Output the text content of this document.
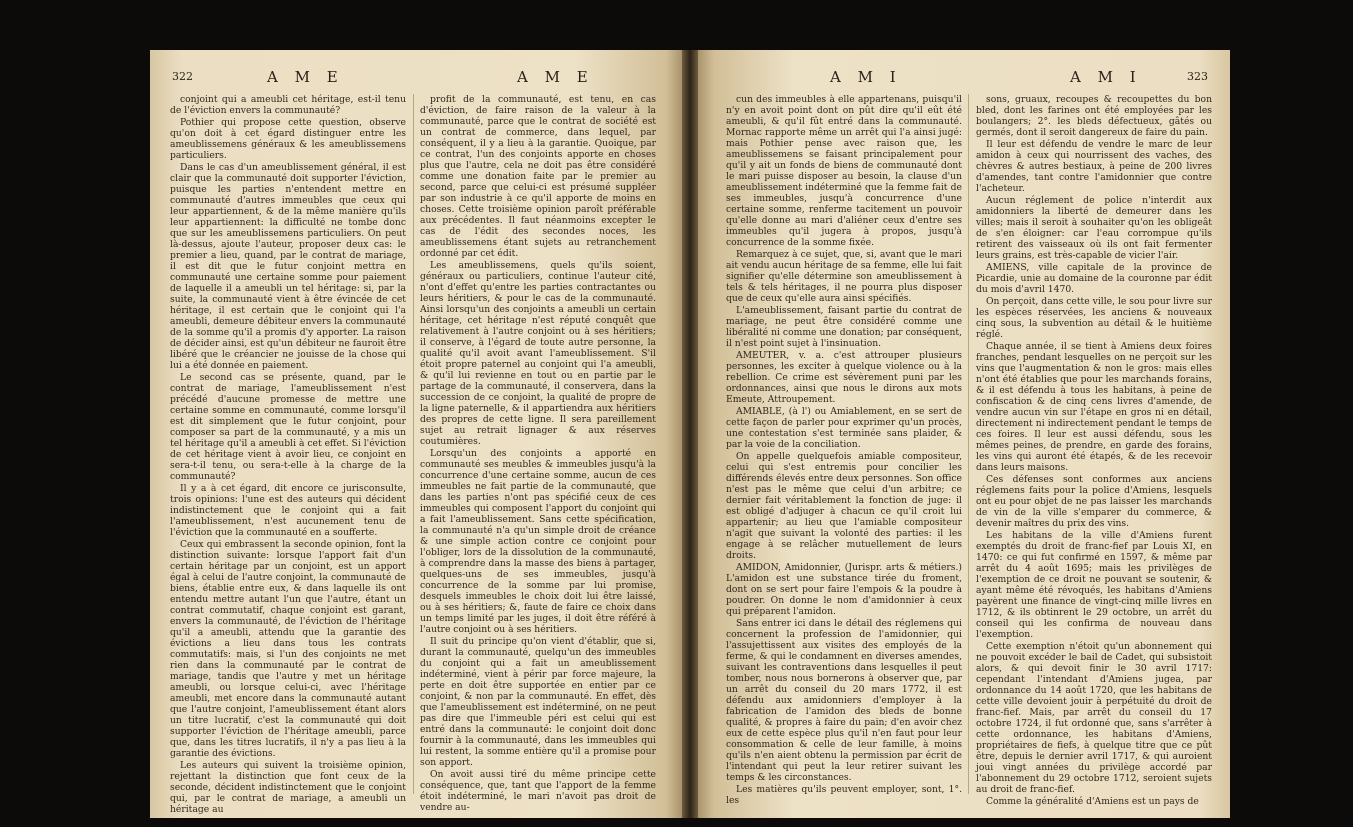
322	A M E	A M E

conjoint qui a ameubli cet héritage, est-il tenu de l'éviction envers la communauté?

Pothier qui propose cette question, observe qu'on doit à cet égard distinguer entre les ameublissemens généraux & les ameublissemens particuliers.

Dans le cas d'un ameublissement général, il est clair que la communauté doit supporter l'éviction, puisque les parties n'entendent mettre en communauté d'autres immeubles que ceux qui leur appartiennent, & de la même manière qu'ils leur appartiennent: la difficulté ne tombe donc que sur les ameublissemens particuliers. On peut là-dessus, ajoute l'auteur, proposer deux cas: le premier a lieu, quand, par le contrat de mariage, il est dit que le futur conjoint mettra en communauté une certaine somme pour paiement de laquelle il a ameubli un tel héritage: si, par la suite, la communauté vient à être évincée de cet héritage, il est certain que le conjoint qui l'a ameubli, demeure débiteur envers la communauté de la somme qu'il a promis d'y apporter. La raison de décider ainsi, est qu'un débiteur ne fauroit être libéré que le créancier ne jouisse de la chose qui lui a été donnée en paiement.

Le second cas se présente, quand, par le contrat de mariage, l'ameublissement n'est précédé d'aucune promesse de mettre une certaine somme en communauté, comme lorsqu'il est dit simplement que le futur conjoint, pour composer sa part de la communauté, y a mis un tel héritage qu'il a ameubli à cet effet. Si l'éviction de cet héritage vient à avoir lieu, ce conjoint en sera-t-il tenu, ou sera-t-elle à la charge de la communauté?

Il y a à cet égard, dit encore ce jurisconsulte, trois opinions: l'une est des auteurs qui décident indistinctement que le conjoint qui a fait l'ameublissement, n'est aucunement tenu de l'éviction que la communauté en a soufferte.

Ceux qui embrassent la seconde opinion, font la distinction suivante: lorsque l'apport fait d'un certain héritage par un conjoint, est un apport égal à celui de l'autre conjoint, la communauté de biens, établie entre eux, & dans laquelle ils ont entendu mettre autant l'un que l'autre, étant un contrat commutatif, chaque conjoint est garant, envers la communauté, de l'éviction de l'héritage qu'il a ameubli, attendu que la garantie des évictions a lieu dans tous les contrats commutatifs: mais, si l'un des conjoints ne met rien dans la communauté par le contrat de mariage, tandis que l'autre y met un héritage ameubli, ou lorsque celui-ci, avec l'héritage ameubli, met encore dans la communauté autant que l'autre conjoint, l'ameublissement étant alors un titre lucratif, c'est la communauté qui doit supporter l'éviction de l'héritage ameubli, parce que, dans les titres lucratifs, il n'y a pas lieu à la garantie des évictions.

Les auteurs qui suivent la troisième opinion, rejettant la distinction que font ceux de la seconde, décident indistinctement que le conjoint qui, par le contrat de mariage, a ameubli un héritage au

profit de la communauté, est tenu, en cas d'éviction, de faire raison de la valeur à la communauté, parce que le contrat de société est un contrat de commerce, dans lequel, par conséquent, il y a lieu à la garantie. Quoique, par ce contrat, l'un des conjoints apporte en choses plus que l'autre, cela ne doit pas être considéré comme une donation faite par le premier au second, parce que celui-ci est présumé suppléer par son industrie à ce qu'il apporte de moins en choses. Cette troisième opinion paroît préférable aux précédentes. Il faut néanmoins excepter le cas de l'édit des secondes noces, les ameublissemens étant sujets au retranchement ordonné par cet édit.

Les ameublissemens, quels qu'ils soient, généraux ou particuliers, continue l'auteur cité, n'ont d'effet qu'entre les parties contractantes ou leurs héritiers, & pour le cas de la communauté. Ainsi lorsqu'un des conjoints a ameubli un certain héritage, cet héritage n'est réputé conquêt que relativement à l'autre conjoint ou à ses héritiers; il conserve, à l'égard de toute autre personne, la qualité qu'il avoit avant l'ameublissement. S'il étoit propre paternel au conjoint qui l'a ameubli, & qu'il lui revienne en tout ou en partie par le partage de la communauté, il conservera, dans la succession de ce conjoint, la qualité de propre de la ligne paternelle, & il appartiendra aux héritiers des propres de cette ligne. Il sera pareillement sujet au retrait lignager & aux réserves coutumières.

Lorsqu'un des conjoints a apporté en communauté ses meubles & immeubles jusqu'à la concurrence d'une certaine somme, aucun de ces immeubles ne fait partie de la communauté, que dans les parties n'ont pas spécifié ceux de ces immeubles qui composent l'apport du conjoint qui a fait l'ameublissement. Sans cette spécification, la communauté n'a qu'un simple droit de créance & une simple action contre ce conjoint pour l'obliger, lors de la dissolution de la communauté, à comprendre dans la masse des biens à partager, quelques-uns de ses immeubles, jusqu'à concurrence de la somme par lui promise, desquels immeubles le choix doit lui être laissé, ou à ses héritiers; &, faute de faire ce choix dans un temps limité par les juges, il doit être référé à l'autre conjoint ou à ses héritiers.

Il suit du principe qu'on vient d'établir, que si, durant la communauté, quelqu'un des immeubles du conjoint qui a fait un ameublissement indéterminé, vient à périr par force majeure, la perte en doit être supportée en entier par ce conjoint, & non par la communauté. En effet, dès que l'ameublissement est indéterminé, on ne peut pas dire que l'immeuble péri est celui qui est entré dans la communauté: le conjoint doit donc fournir à la communauté, dans les immeubles qui lui restent, la somme entière qu'il a promise pour son apport.

On avoit aussi tiré du même principe cette conséquence, que, tant que l'apport de la femme étoit indéterminé, le mari n'avoit pas droit de vendre au-

A M I	A M I	323

cun des immeubles à elle appartenans, puisqu'il n'y en avoit point dont on pût dire qu'il eût été ameubli, & qu'il fût entré dans la communauté. Mornac rapporte même un arrêt qui l'a ainsi jugé: mais Pothier pense avec raison que, les ameublissemens se faisant principalement pour qu'il y ait un fonds de biens de communauté dont le mari puisse disposer au besoin, la clause d'un ameublissement indéterminé que la femme fait de ses immeubles, jusqu'à concurrence d'une certaine somme, renferme tacitement un pouvoir qu'elle donne au mari d'aliéner ceux d'entre ses immeubles qu'il jugera à propos, jusqu'à concurrence de la somme fixée.

Remarquez à ce sujet, que, si, avant que le mari ait vendu aucun héritage de sa femme, elle lui fait signifier qu'elle détermine son ameublissement à tels & tels héritages, il ne pourra plus disposer que de ceux qu'elle aura ainsi spécifiés.

L'ameublissement, faisant partie du contrat de mariage, ne peut être considéré comme une libéralité ni comme une donation; par conséquent, il n'est point sujet à l'insinuation.

AMEUTER, v. a. c'est attrouper plusieurs personnes, les exciter à quelque violence ou à la rebellion. Ce crime est sévèrement puni par les ordonnances, ainsi que nous le dirons aux mots Emeute, Attroupement.

AMIABLE, (à l') ou Amiablement, en se sert de cette façon de parler pour exprimer qu'un procès, une contestation s'est terminée sans plaider, & par la voie de la conciliation.

On appelle quelquefois amiable compositeur, celui qui s'est entremis pour concilier les différends élevés entre deux personnes. Son office n'est pas le même que celui d'un arbitre; ce dernier fait véritablement la fonction de juge: il est obligé d'adjuger à chacun ce qu'il croit lui appartenir; au lieu que l'amiable compositeur n'agit que suivant la volonté des parties: il les engage à se relâcher mutuellement de leurs droits.

AMIDON, Amidonnier, (Jurispr. arts & métiers.) L'amidon est une substance tirée du froment, dont on se sert pour faire l'empois & la poudre à poudrer. On donne le nom d'amidonnier à ceux qui préparent l'amidon.

Sans entrer ici dans le détail des réglemens qui concernent la profession de l'amidonnier, qui l'assujettissent aux visites des employés de la ferme, & qui le condamnent en diverses amendes, suivant les contraventions dans lesquelles il peut tomber, nous nous bornerons à observer que, par un arrêt du conseil du 20 mars 1772, il est défendu aux amidonniers d'employer à la fabrication de l'amidon des bleds de bonne qualité, & propres à faire du pain; d'en avoir chez eux de cette espèce plus qu'il n'en faut pour leur consommation & celle de leur famille, à moins qu'ils n'en aient obtenu la permission par écrit de l'intendant qui peut la leur retirer suivant les temps & les circonstances.

Les matières qu'ils peuvent employer, sont, 1°. les

sons, gruaux, recoupes & recoupettes du bon bled, dont les farines ont été employées par les boulangers; 2°. les bleds défectueux, gâtés ou germés, dont il seroit dangereux de faire du pain.

Il leur est défendu de vendre le marc de leur amidon à ceux qui nourrissent des vaches, des chèvres & autres bestiaux, à peine de 200 livres d'amendes, tant contre l'amidonnier que contre l'acheteur.

Aucun réglement de police n'interdit aux amidonniers la liberté de demeurer dans les villes; mais il seroit à souhaiter qu'on les obligeât de s'en éloigner: car l'eau corrompue qu'ils retirent des vaisseaux où ils ont fait fermenter leurs grains, est très-capable de vicier l'air.

AMIENS, ville capitale de la province de Picardie, unie au domaine de la couronne par édit du mois d'avril 1470.

On perçoit, dans cette ville, le sou pour livre sur les espèces réservées, les anciens & nouveaux cinq sous, la subvention au détail & le huitième réglé.

Chaque année, il se tient à Amiens deux foires franches, pendant lesquelles on ne perçoit sur les vins que l'augmentation & non le gros: mais elles n'ont été établies que pour les marchands forains, & il est défendu à tous les habitans, à peine de confiscation & de cinq cens livres d'amende, de vendre aucun vin sur l'étape en gros ni en détail, directement ni indirectement pendant le temps de ces foires. Il leur est aussi défendu, sous les mêmes peines, de prendre, en garde des forains, les vins qui auront été étapés, & de les recevoir dans leurs maisons.

Ces défenses sont conformes aux anciens réglemens faits pour la police d'Amiens, lesquels ont eu pour objet de ne pas laisser les marchands de vin de la ville s'emparer du commerce, & devenir maîtres du prix des vins.

Les habitans de la ville d'Amiens furent exemptés du droit de franc-fief par Louis XI, en 1470: ce qui fut confirmé en 1597, & même par arrêt du 4 août 1695; mais les privilèges de l'exemption de ce droit ne pouvant se soutenir, & ayant même été révoqués, les habitans d'Amiens payèrent une finance de vingt-cinq mille livres en 1712, & ils obtinrent le 29 octobre, un arrêt du conseil qui les confirma de nouveau dans l'exemption.

Cette exemption n'étoit qu'un abonnement qui ne pouvoit excéder le bail de Cadet, qui subsistoit alors, & qui devoit finir le 30 avril 1717: cependant l'intendant d'Amiens jugea, par ordonnance du 14 août 1720, que les habitans de cette ville devoient jouir à perpétuité du droit de franc-fief. Mais, par arrêt du conseil du 17 octobre 1724, il fut ordonné que, sans s'arrêter à cette ordonnance, les habitans d'Amiens, propriétaires de fiefs, à quelque titre que ce pût être, depuis le dernier avril 1717, & qui auroient joui vingt années du privilège accordé par l'abonnement du 29 octobre 1712, seroient sujets au droit de franc-fief.

Comme la généralité d'Amiens est un pays de
